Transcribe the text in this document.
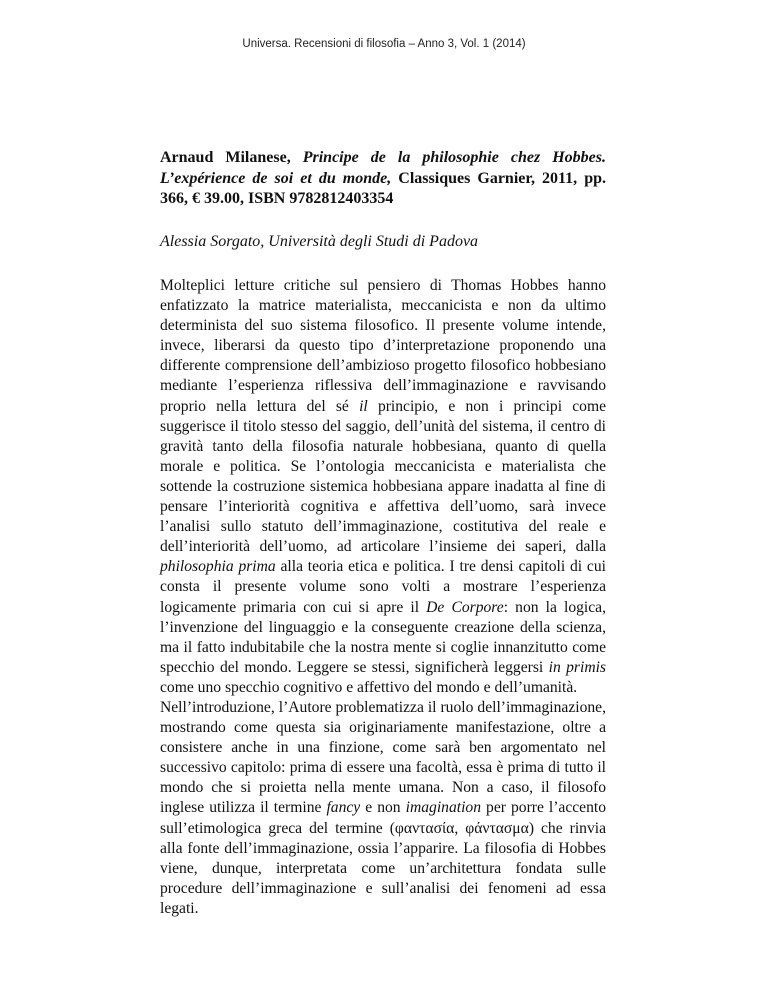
Universa. Recensioni di filosofia – Anno 3, Vol. 1 (2014)
Arnaud Milanese, Principe de la philosophie chez Hobbes. L’expérience de soi et du monde, Classiques Garnier, 2011, pp. 366, € 39.00, ISBN 9782812403354

Alessia Sorgato, Università degli Studi di Padova

Molteplici letture critiche sul pensiero di Thomas Hobbes hanno enfatizzato la matrice materialista, meccanicista e non da ultimo determinista del suo sistema filosofico. Il presente volume intende, invece, liberarsi da questo tipo d’interpretazione proponendo una differente comprensione dell’ambizioso progetto filosofico hobbesiano mediante l’esperienza riflessiva dell’immaginazione e ravvisando proprio nella lettura del sé il principio, e non i principi come suggerisce il titolo stesso del saggio, dell’unità del sistema, il centro di gravità tanto della filosofia naturale hobbesiana, quanto di quella morale e politica. Se l’ontologia meccanicista e materialista che sottende la costruzione sistemica hobbesiana appare inadatta al fine di pensare l’interiorità cognitiva e affettiva dell’uomo, sarà invece l’analisi sullo statuto dell’immaginazione, costitutiva del reale e dell’interiorità dell’uomo, ad articolare l’insieme dei saperi, dalla philosophia prima alla teoria etica e politica. I tre densi capitoli di cui consta il presente volume sono volti a mostrare l’esperienza logicamente primaria con cui si apre il De Corpore: non la logica, l’invenzione del linguaggio e la conseguente creazione della scienza, ma il fatto indubitabile che la nostra mente si coglie innanzitutto come specchio del mondo. Leggere se stessi, significherà leggersi in primis come uno specchio cognitivo e affettivo del mondo e dell’umanità.

Nell’introduzione, l’Autore problematizza il ruolo dell’immaginazione, mostrando come questa sia originariamente manifestazione, oltre a consistere anche in una finzione, come sarà ben argomentato nel successivo capitolo: prima di essere una facoltà, essa è prima di tutto il mondo che si proietta nella mente umana. Non a caso, il filosofo inglese utilizza il termine fancy e non imagination per porre l’accento sull’etimologica greca del termine (φαντασία, φάντασμα) che rinvia alla fonte dell’immaginazione, ossia l’apparire. La filosofia di Hobbes viene, dunque, interpretata come un’architettura fondata sulle procedure dell’immaginazione e sull’analisi dei fenomeni ad essa legati.
